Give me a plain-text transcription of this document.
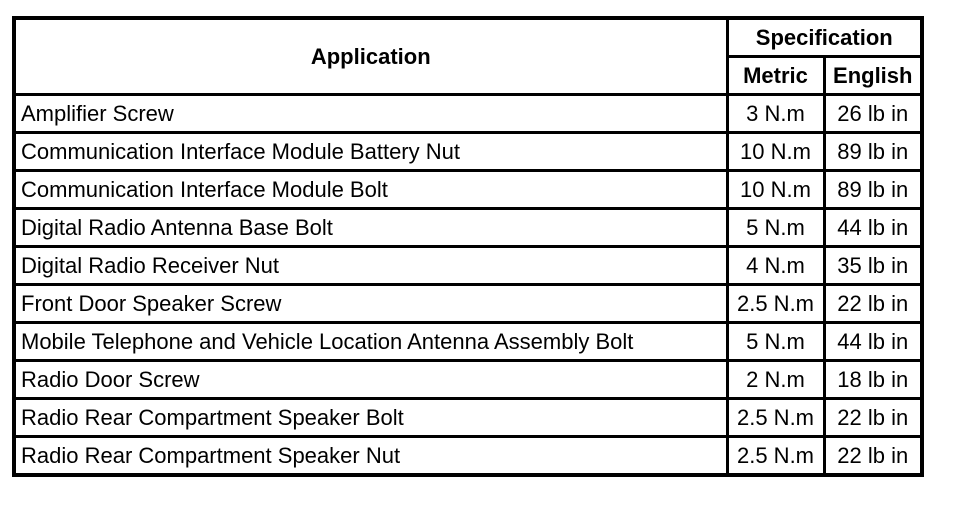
Application	Specification	
	Metric	English
Amplifier Screw	3 N.m	26 lb in
Communication Interface Module Battery Nut	10 N.m	89 lb in
Communication Interface Module Bolt	10 N.m	89 lb in
Digital Radio Antenna Base Bolt	5 N.m	44 lb in
Digital Radio Receiver Nut	4 N.m	35 lb in
Front Door Speaker Screw	2.5 N.m	22 lb in
Mobile Telephone and Vehicle Location Antenna Assembly Bolt	5 N.m	44 lb in
Radio Door Screw	2 N.m	18 lb in
Radio Rear Compartment Speaker Bolt	2.5 N.m	22 lb in
Radio Rear Compartment Speaker Nut	2.5 N.m	22 lb in
